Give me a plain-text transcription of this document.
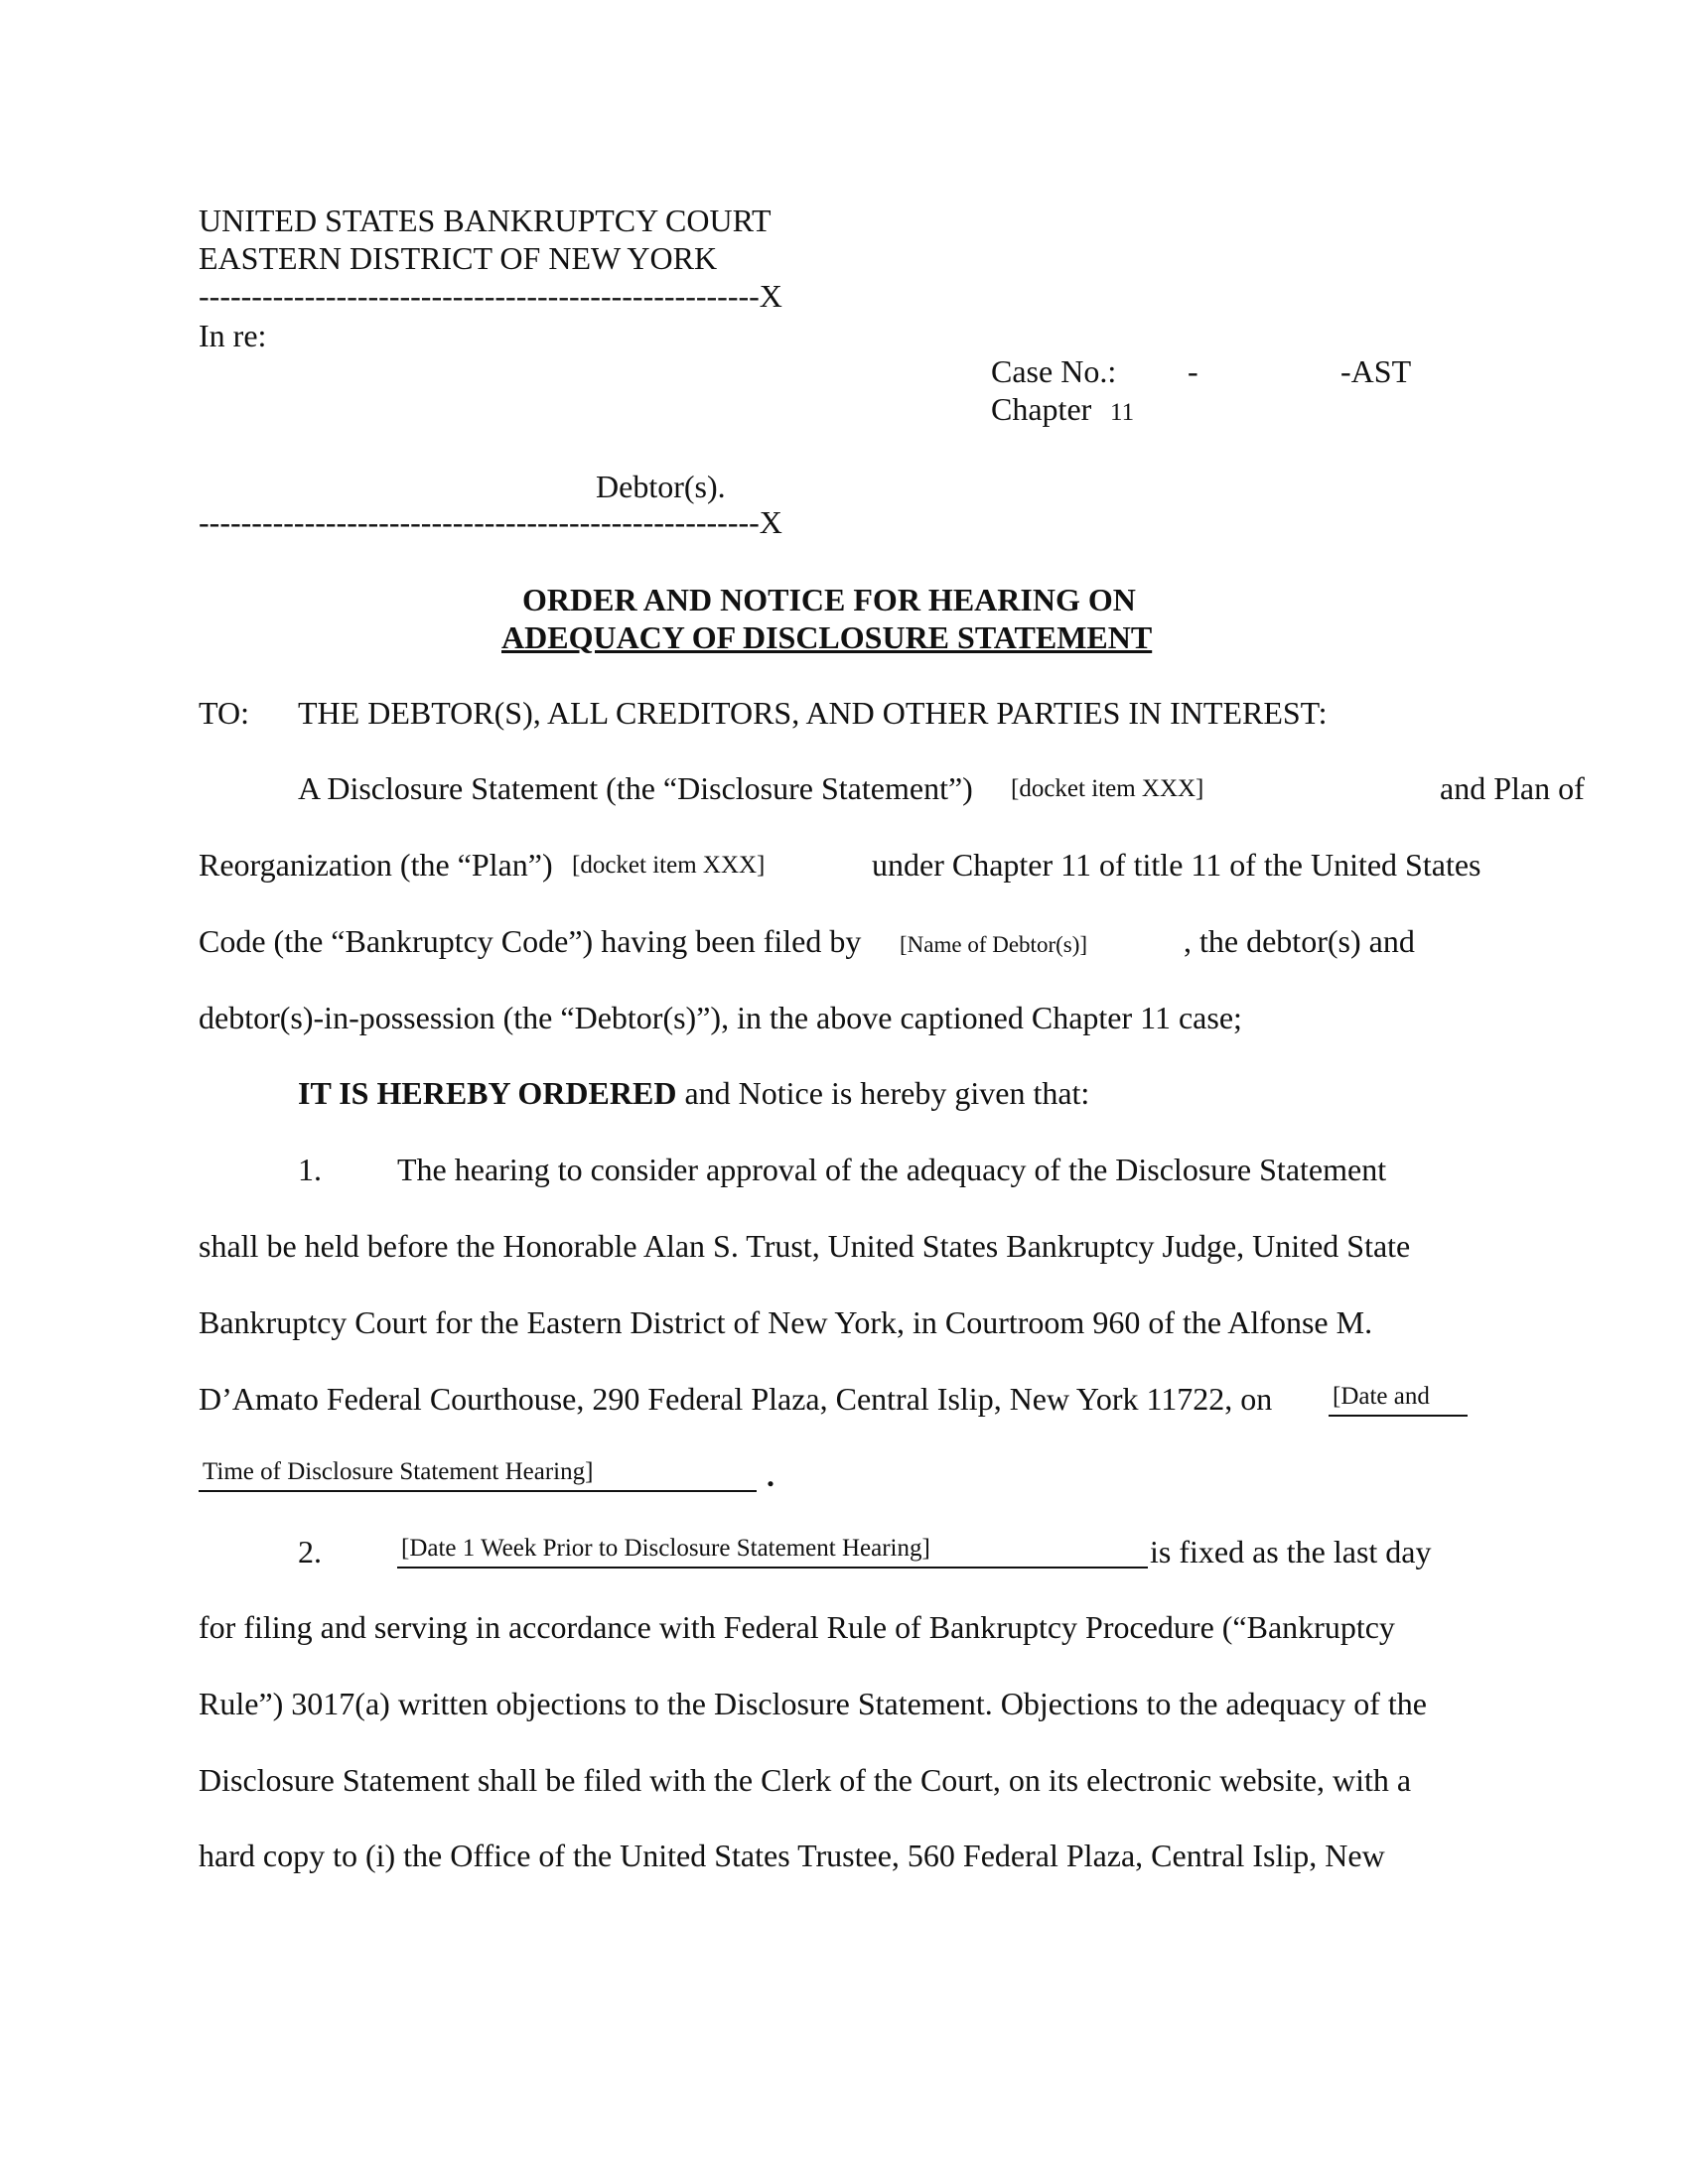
UNITED STATES BANKRUPTCY COURT
EASTERN DISTRICT OF NEW YORK
-----------------------------------------------------X
In re:
Case No.: -	-AST
Chapter 11
Debtor(s).
-----------------------------------------------------X
ORDER AND NOTICE FOR HEARING ON
ADEQUACY OF DISCLOSURE STATEMENT
TO: THE DEBTOR(S), ALL CREDITORS, AND OTHER PARTIES IN INTEREST:
A Disclosure Statement (the “Disclosure Statement”) [docket item XXX]	and Plan of
Reorganization (the “Plan”) [docket item XXX]	under Chapter 11 of title 11 of the United States
Code (the “Bankruptcy Code”) having been filed by [Name of Debtor(s)]	, the debtor(s) and
debtor(s)-in-possession (the “Debtor(s)”), in the above captioned Chapter 11 case;
IT IS HEREBY ORDERED and Notice is hereby given that:
1. The hearing to consider approval of the adequacy of the Disclosure Statement
shall be held before the Honorable Alan S. Trust, United States Bankruptcy Judge, United State
Bankruptcy Court for the Eastern District of New York, in Courtroom 960 of the Alfonse M.
D’Amato Federal Courthouse, 290 Federal Plaza, Central Islip, New York 11722, on [Date and
Time of Disclosure Statement Hearing]	.
2.	[Date 1 Week Prior to Disclosure Statement Hearing]	is fixed as the last day
for filing and serving in accordance with Federal Rule of Bankruptcy Procedure (“Bankruptcy
Rule”) 3017(a) written objections to the Disclosure Statement. Objections to the adequacy of the
Disclosure Statement shall be filed with the Clerk of the Court, on its electronic website, with a
hard copy to (i) the Office of the United States Trustee, 560 Federal Plaza, Central Islip, New
